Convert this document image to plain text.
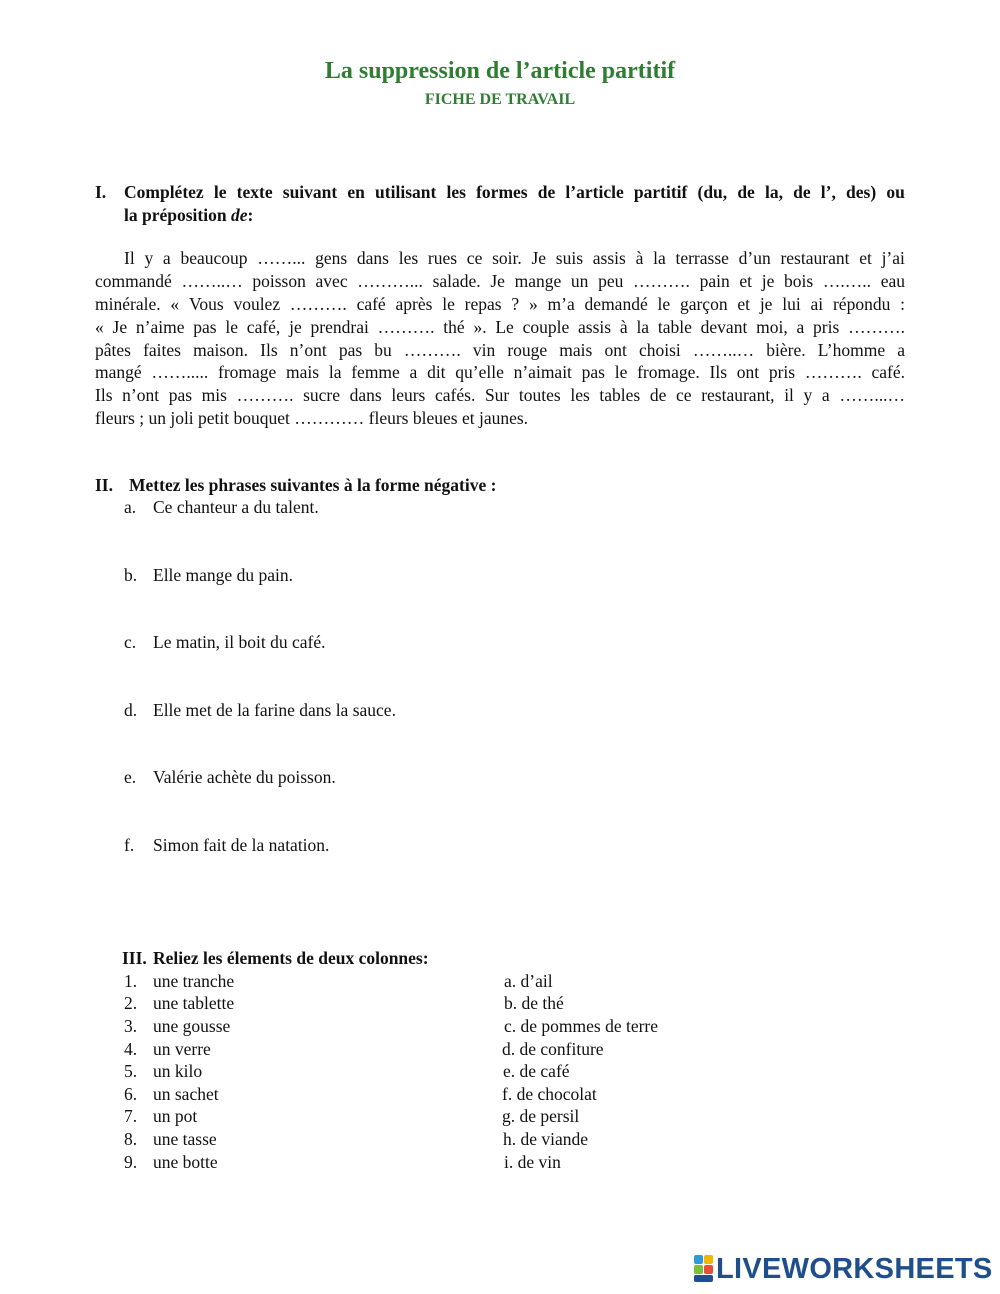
La suppression de l’article partitif
FICHE DE TRAVAIL
I. Complétez le texte suivant en utilisant les formes de l’article partitif (du, de la, de l’, des) ou
la préposition de:
Il y a beaucoup ……... gens dans les rues ce soir. Je suis assis à la terrasse d’un restaurant et j’ai
commandé ……..… poisson avec ………... salade. Je mange un peu ………. pain et je bois ….….. eau
minérale. « Vous voulez ………. café après le repas ? » m’a demandé le garçon et je lui ai répondu :
« Je n’aime pas le café, je prendrai ………. thé ». Le couple assis à la table devant moi, a pris ……….
pâtes faites maison. Ils n’ont pas bu ………. vin rouge mais ont choisi ……..… bière. L’homme a
mangé ……..... fromage mais la femme a dit qu’elle n’aimait pas le fromage. Ils ont pris ………. café.
Ils n’ont pas mis ………. sucre dans leurs cafés. Sur toutes les tables de ce restaurant, il y a ……...…
fleurs ; un joli petit bouquet ………… fleurs bleues et jaunes.
II. Mettez les phrases suivantes à la forme négative :
a. Ce chanteur a du talent.
b. Elle mange du pain.
c. Le matin, il boit du café.
d. Elle met de la farine dans la sauce.
e. Valérie achète du poisson.
f. Simon fait de la natation.
III. Reliez les élements de deux colonnes:
1. une tranche	a. d’ail
2. une tablette	b. de thé
3. une gousse	c. de pommes de terre
4. un verre	d. de confiture
5. un kilo	e. de café
6. un sachet	f. de chocolat
7. un pot	g. de persil
8. une tasse	h. de viande
9. une botte	i. de vin
LIVEWORKSHEETS
